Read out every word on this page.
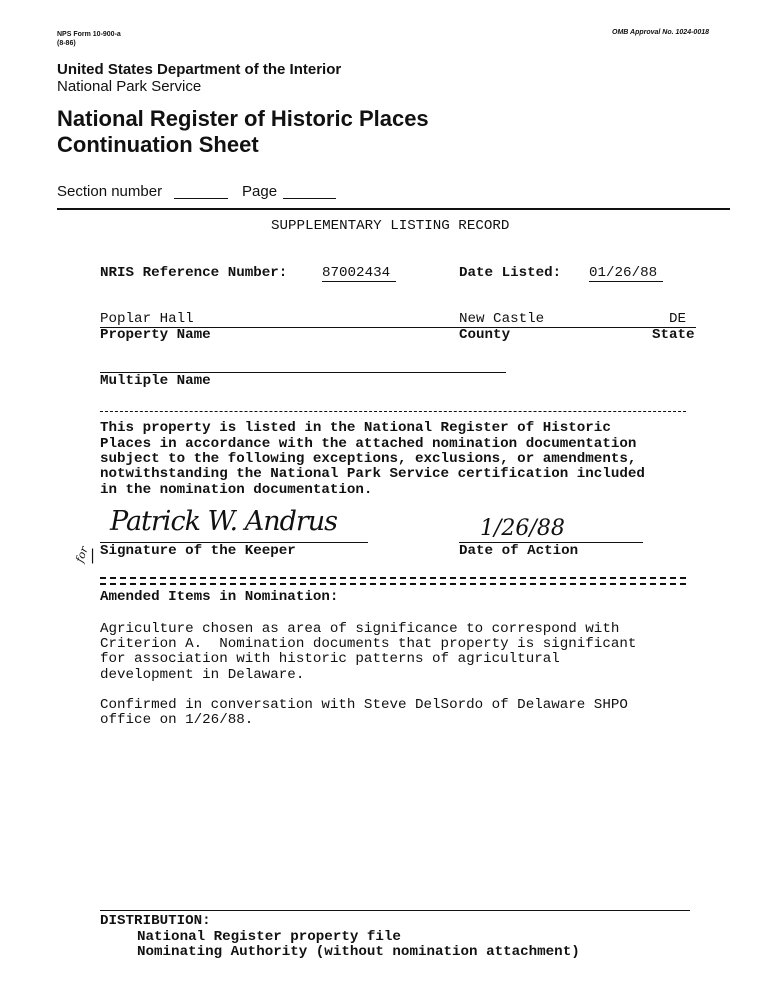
NPS Form 10-900-a
(8-86)
OMB Approval No. 1024-0018
United States Department of the Interior
National Park Service
National Register of Historic Places
Continuation Sheet
Section number	Page
SUPPLEMENTARY LISTING RECORD
NRIS Reference Number: 87002434	Date Listed: 01/26/88
Poplar Hall	New Castle	DE
Property Name	County	State
Multiple Name
This property is listed in the National Register of Historic
Places in accordance with the attached nomination documentation
subject to the following exceptions, exclusions, or amendments,
notwithstanding the National Park Service certification included
in the nomination documentation.
Patrick W. Andrus	1/26/88
for | Signature of the Keeper	Date of Action
Amended Items in Nomination:
Agriculture chosen as area of significance to correspond with
Criterion A.  Nomination documents that property is significant
for association with historic patterns of agricultural
development in Delaware.
Confirmed in conversation with Steve DelSordo of Delaware SHPO
office on 1/26/88.
DISTRIBUTION:
National Register property file
Nominating Authority (without nomination attachment)
